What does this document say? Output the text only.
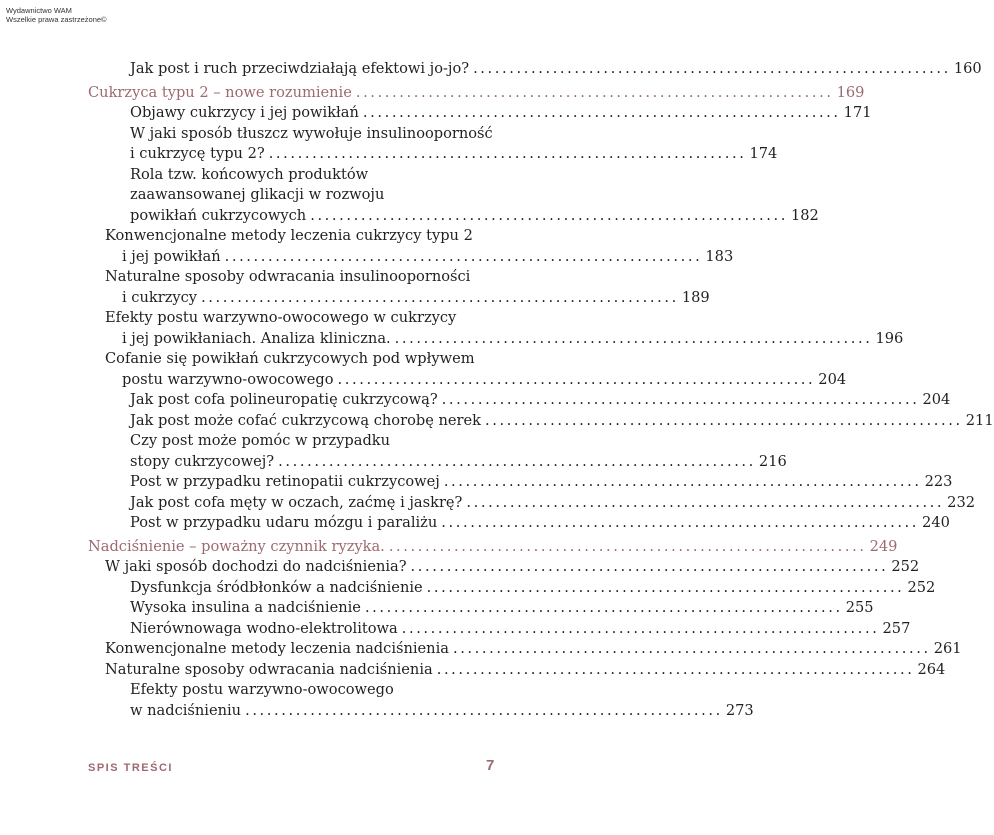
Wydawnictwo WAM
Wszelkie prawa zastrzeżone©
Jak post i ruch przeciwdziałają efektowi jo-jo? .................................................................. 160
Cukrzyca typu 2 – nowe rozumienie .................................................................. 169
Objawy cukrzycy i jej powikłań .................................................................. 171
W jaki sposób tłuszcz wywołuje insulinooporność
i cukrzycę typu 2? .................................................................. 174
Rola tzw. końcowych produktów
zaawansowanej glikacji w rozwoju
powikłań cukrzycowych .................................................................. 182
Konwencjonalne metody leczenia cukrzycy typu 2
i jej powikłań .................................................................. 183
Naturalne sposoby odwracania insulinooporności
i cukrzycy .................................................................. 189
Efekty postu warzywno-owocowego w cukrzycy
i jej powikłaniach. Analiza kliniczna. .................................................................. 196
Cofanie się powikłań cukrzycowych pod wpływem
postu warzywno-owocowego .................................................................. 204
Jak post cofa polineuropatię cukrzycową? .................................................................. 204
Jak post może cofać cukrzycową chorobę nerek .................................................................. 211
Czy post może pomóc w przypadku
stopy cukrzycowej? .................................................................. 216
Post w przypadku retinopatii cukrzycowej .................................................................. 223
Jak post cofa męty w oczach, zaćmę i jaskrę? .................................................................. 232
Post w przypadku udaru mózgu i paraliżu .................................................................. 240
Nadciśnienie – poważny czynnik ryzyka. .................................................................. 249
W jaki sposób dochodzi do nadciśnienia? .................................................................. 252
Dysfunkcja śródbłonków a nadciśnienie .................................................................. 252
Wysoka insulina a nadciśnienie .................................................................. 255
Nierównowaga wodno-elektrolitowa .................................................................. 257
Konwencjonalne metody leczenia nadciśnienia .................................................................. 261
Naturalne sposoby odwracania nadciśnienia .................................................................. 264
Efekty postu warzywno-owocowego
w nadciśnieniu .................................................................. 273
SPIS TREŚCI	7
